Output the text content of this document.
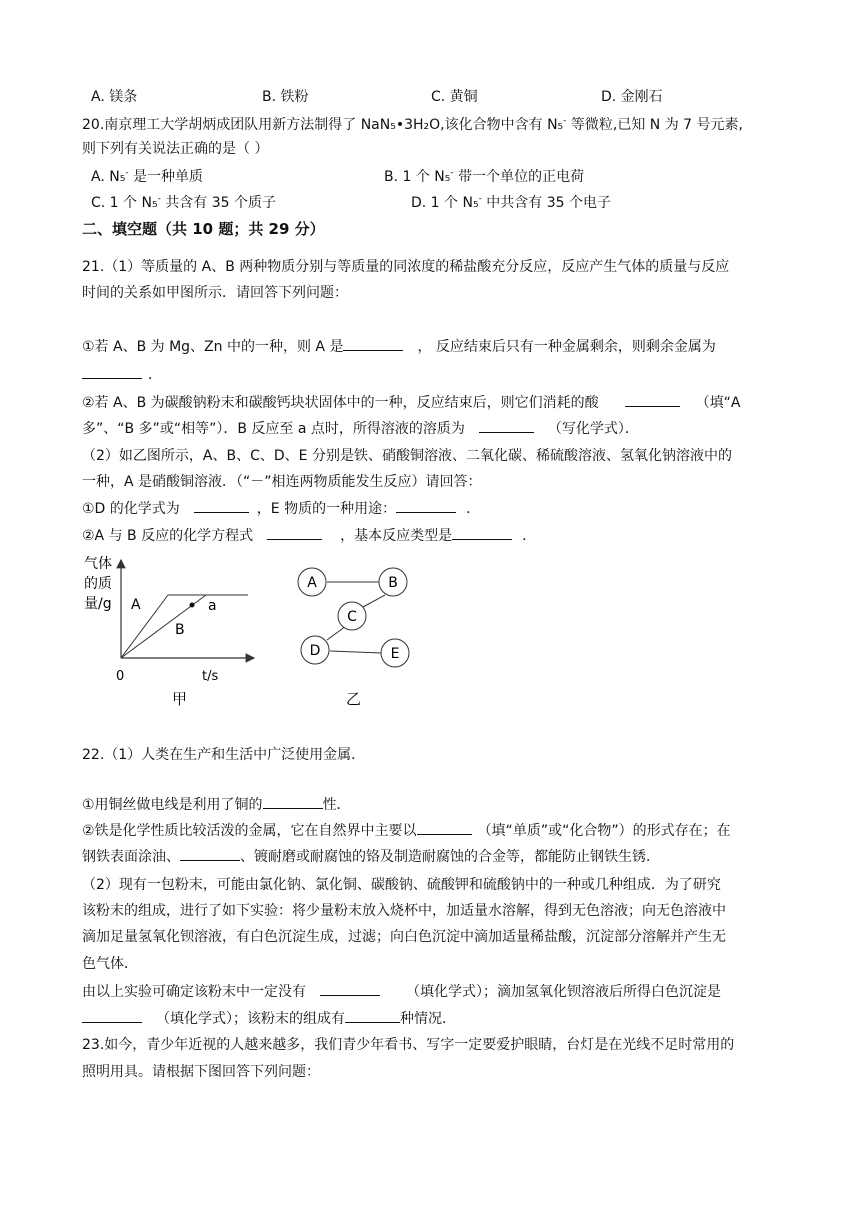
A. 镁条	B. 铁粉	C. 黄铜	D. 金刚石
20.南京理工大学胡炳成团队用新方法制得了 NaN₅•3H₂O,该化合物中含有 N₅- 等微粒,已知 N 为 7 号元素,
则下列有关说法正确的是（ ）
A. N₅- 是一种单质	B. 1 个 N₅- 带一个单位的正电荷
C. 1 个 N₅- 共含有 35 个质子	D. 1 个 N₅- 中共含有 35 个电子
二、填空题（共 10 题；共 29 分）
21.（1）等质量的 A、B 两种物质分别与等质量的同浓度的稀盐酸充分反应，反应产生气体的质量与反应
时间的关系如甲图所示．请回答下列问题：
①若 A、B 为 Mg、Zn 中的一种，则 A 是	， 反应结束后只有一种金属剩余，则剩余金属为
．
②若 A、B 为碳酸钠粉末和碳酸钙块状固体中的一种，反应结束后，则它们消耗的酸	（填“A
多”、“B 多”或“相等”）．B 反应至 a 点时，所得溶液的溶质为	（写化学式）．
（2）如乙图所示，A、B、C、D、E 分别是铁、硝酸铜溶液、二氧化碳、稀硫酸溶液、氢氧化钠溶液中的
一种，A 是硝酸铜溶液．（“－”相连两物质能发生反应）请回答：
①D 的化学式为	，E 物质的一种用途：	．
②A 与 B 反应的化学方程式	，基本反应类型是	．
气体
的质
量/g A
B
a
0	t/s
甲
A	B
C
D	E
乙
22.（1）人类在生产和生活中广泛使用金属．
①用铜丝做电线是利用了铜的	性．
②铁是化学性质比较活泼的金属，它在自然界中主要以	（填“单质”或“化合物”）的形式存在；在
钢铁表面涂油、	、镀耐磨或耐腐蚀的铬及制造耐腐蚀的合金等，都能防止钢铁生锈．
（2）现有一包粉末，可能由氯化钠、氯化铜、碳酸钠、硫酸钾和硫酸钠中的一种或几种组成．为了研究
该粉末的组成，进行了如下实验：将少量粉末放入烧杯中，加适量水溶解，得到无色溶液；向无色溶液中
滴加足量氢氧化钡溶液，有白色沉淀生成，过滤；向白色沉淀中滴加适量稀盐酸，沉淀部分溶解并产生无
色气体．
由以上实验可确定该粉末中一定没有	（填化学式）；滴加氢氧化钡溶液后所得白色沉淀是
（填化学式）；该粉末的组成有	种情况．
23.如今，青少年近视的人越来越多，我们青少年看书、写字一定要爱护眼睛，台灯是在光线不足时常用的
照明用具。请根据下图回答下列问题：
